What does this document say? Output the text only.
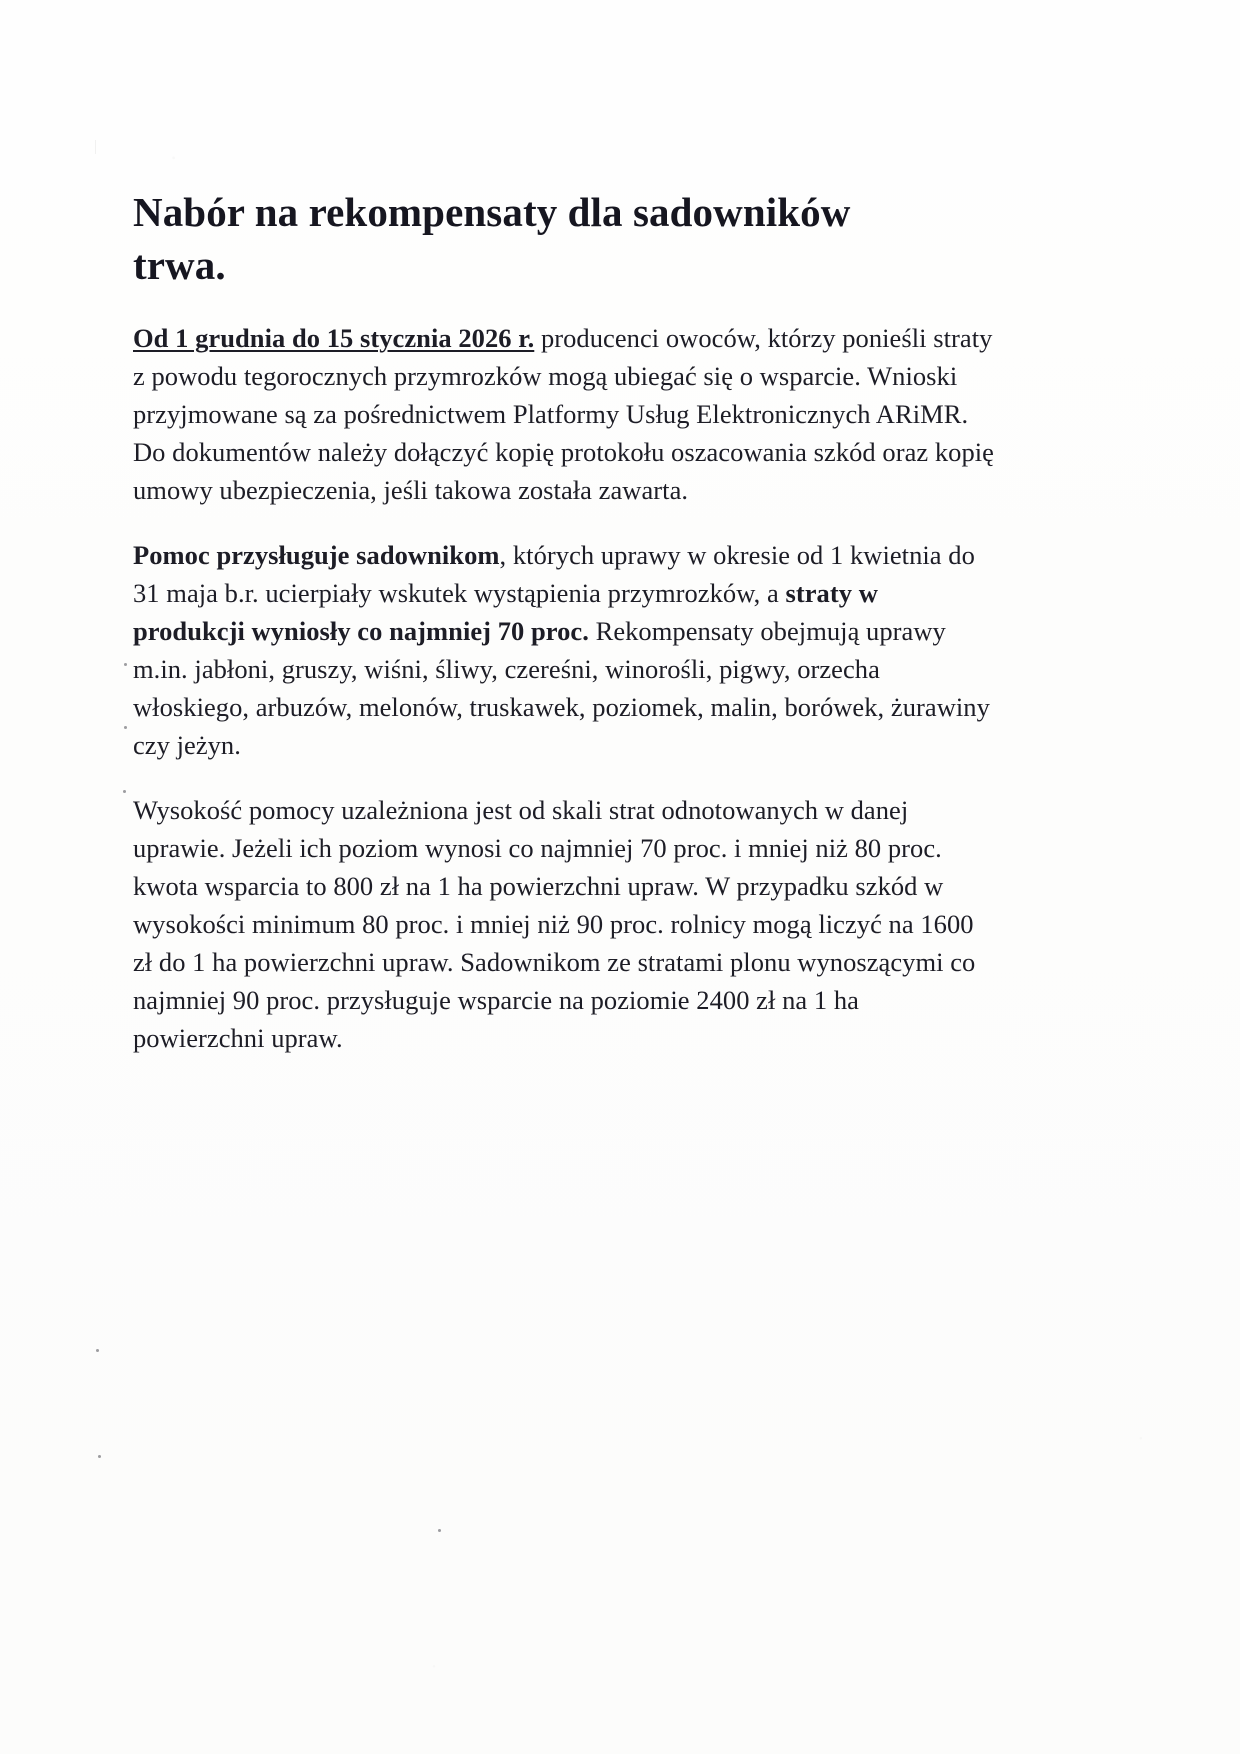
Nabór na rekompensaty dla sadowników trwa.

Od 1 grudnia do 15 stycznia 2026 r. producenci owoców, którzy ponieśli straty z powodu tegorocznych przymrozków mogą ubiegać się o wsparcie. Wnioski przyjmowane są za pośrednictwem Platformy Usług Elektronicznych ARiMR. Do dokumentów należy dołączyć kopię protokołu oszacowania szkód oraz kopię umowy ubezpieczenia, jeśli takowa została zawarta.

Pomoc przysługuje sadownikom, których uprawy w okresie od 1 kwietnia do 31 maja b.r. ucierpiały wskutek wystąpienia przymrozków, a straty w produkcji wyniosły co najmniej 70 proc. Rekompensaty obejmują uprawy m.in. jabłoni, gruszy, wiśni, śliwy, czereśni, winorośli, pigwy, orzecha włoskiego, arbuzów, melonów, truskawek, poziomek, malin, borówek, żurawiny czy jeżyn.

Wysokość pomocy uzależniona jest od skali strat odnotowanych w danej uprawie. Jeżeli ich poziom wynosi co najmniej 70 proc. i mniej niż 80 proc. kwota wsparcia to 800 zł na 1 ha powierzchni upraw. W przypadku szkód w wysokości minimum 80 proc. i mniej niż 90 proc. rolnicy mogą liczyć na 1600 zł do 1 ha powierzchni upraw. Sadownikom ze stratami plonu wynoszącymi co najmniej 90 proc. przysługuje wsparcie na poziomie 2400 zł na 1 ha powierzchni upraw.
